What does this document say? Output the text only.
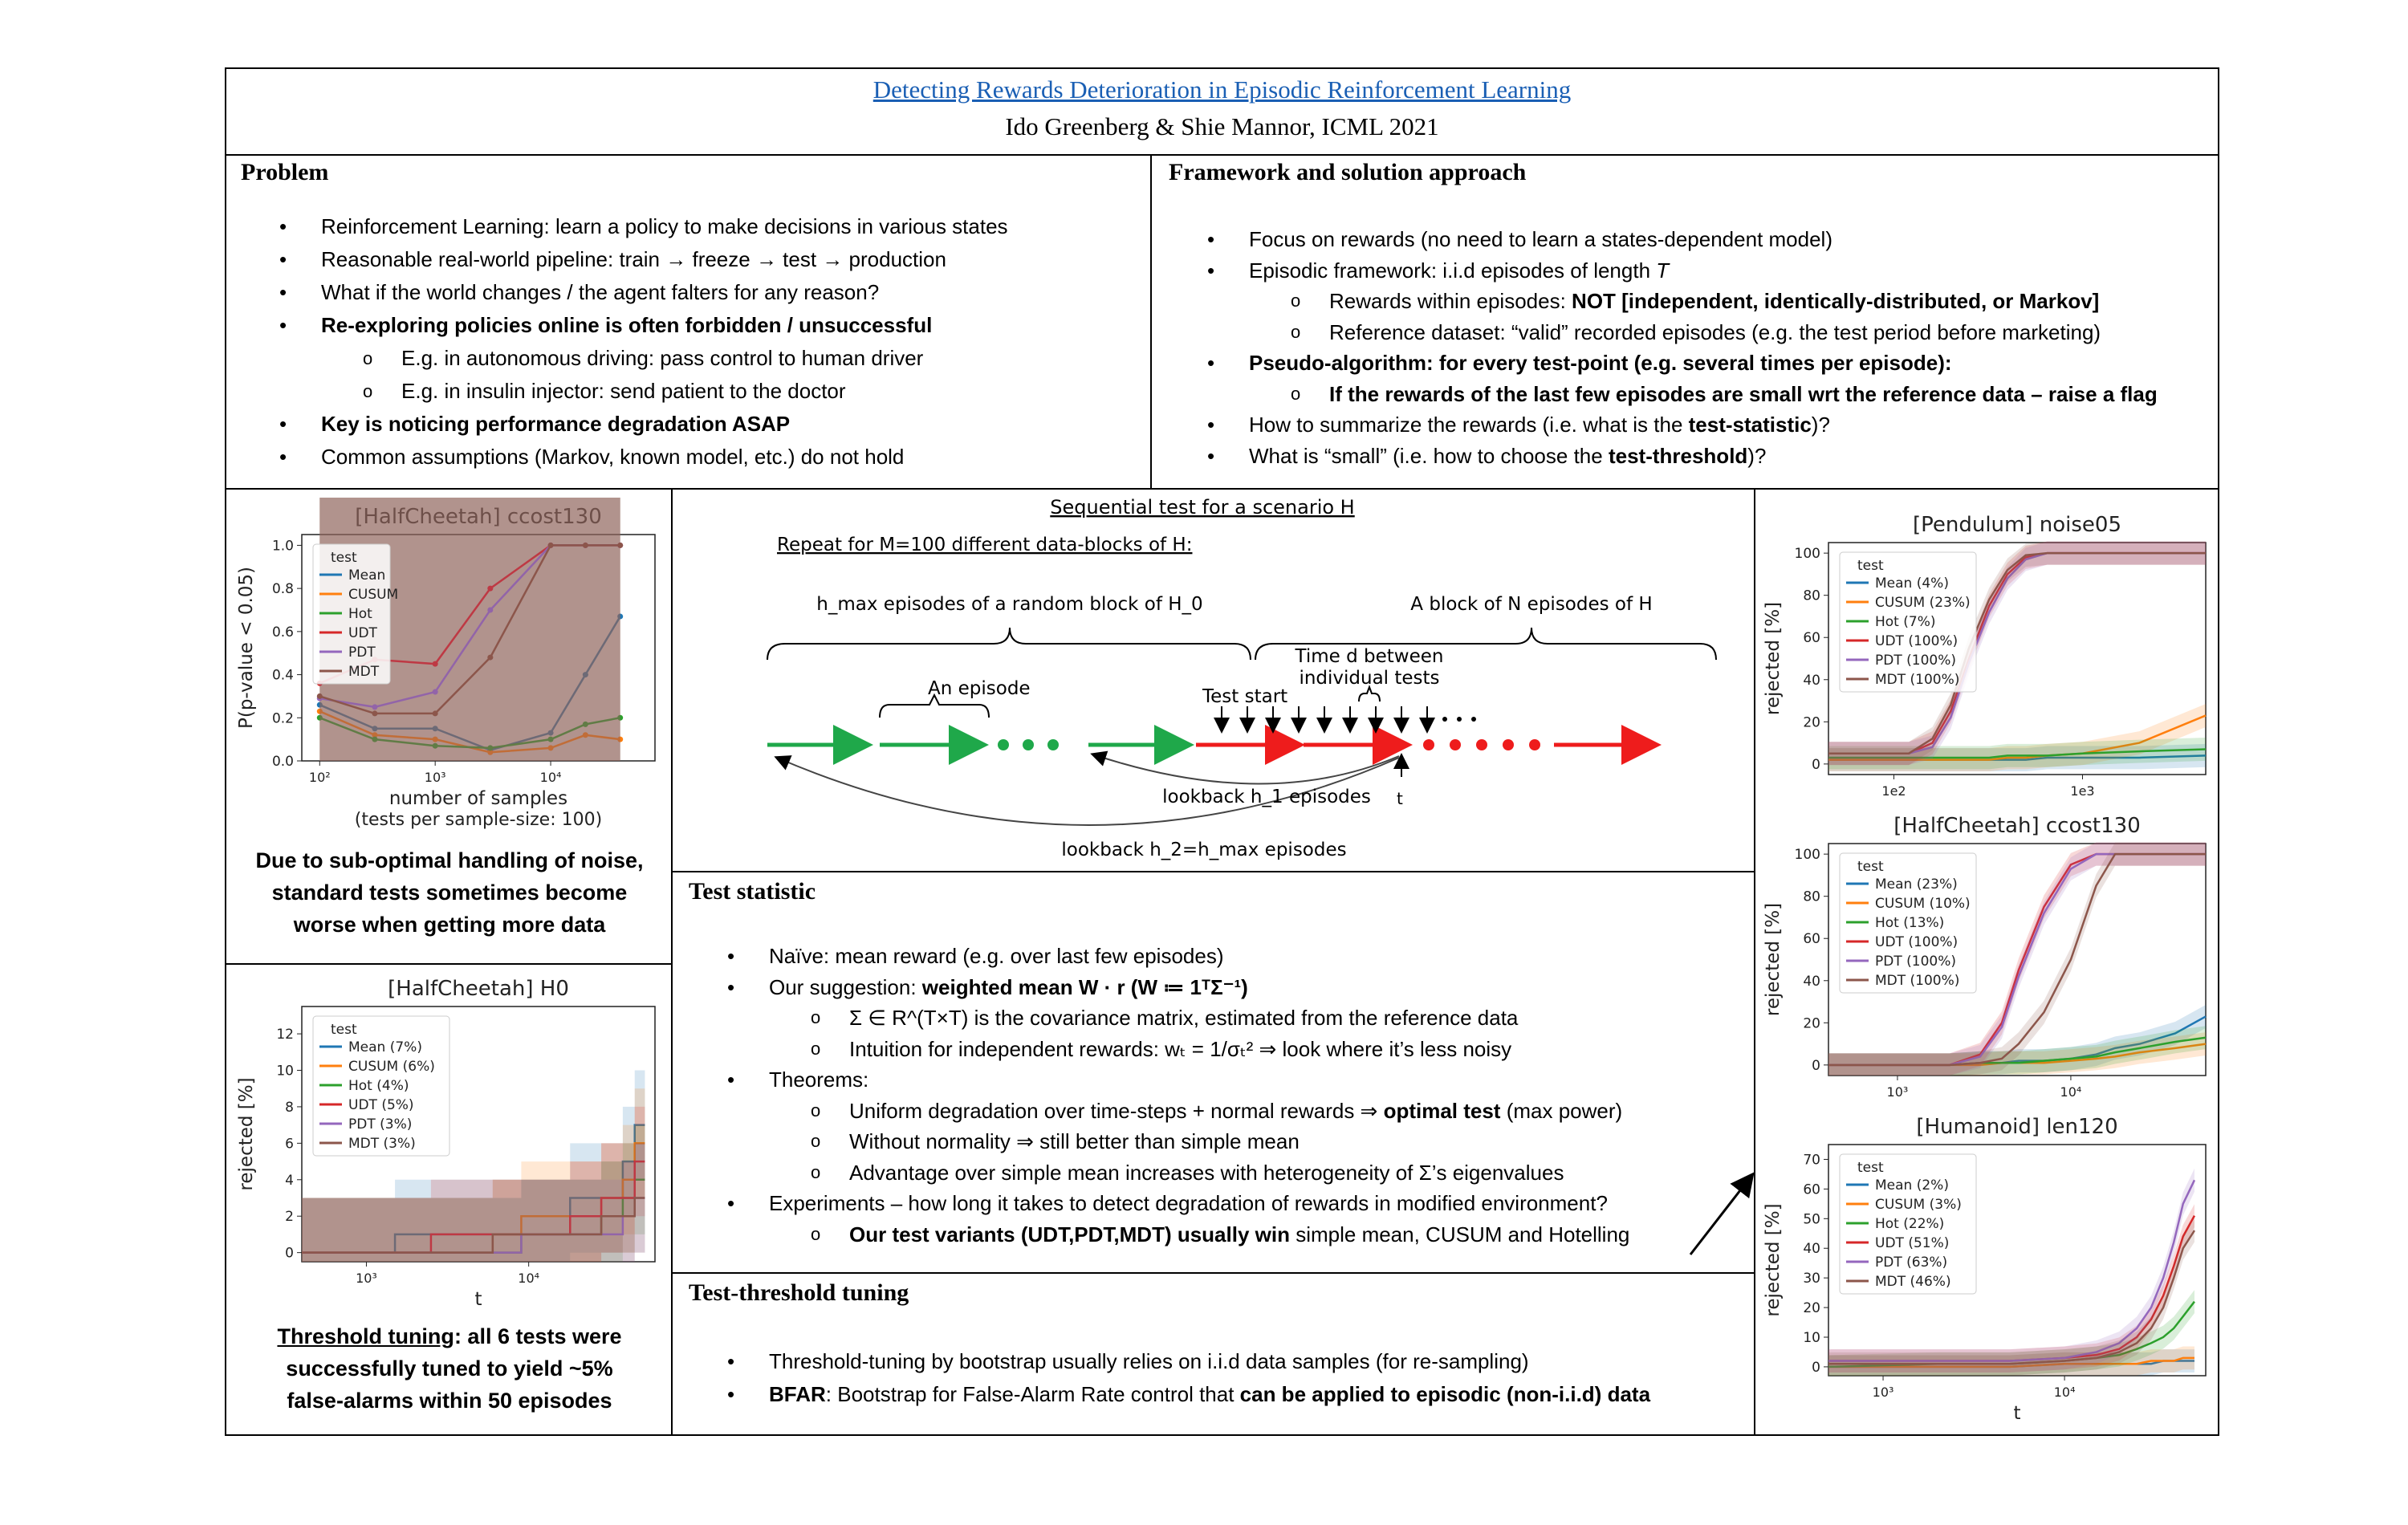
Detecting Rewards Deterioration in Episodic Reinforcement Learning
Ido Greenberg & Shie Mannor, ICML 2021
Problem
• Reinforcement Learning: learn a policy to make decisions in various states
• Reasonable real-world pipeline: train → freeze → test → production
• What if the world changes / the agent falters for any reason?
• Re-exploring policies online is often forbidden / unsuccessful
o E.g. in autonomous driving: pass control to human driver
o E.g. in insulin injector: send patient to the doctor
• Key is noticing performance degradation ASAP
• Common assumptions (Markov, known model, etc.) do not hold
Framework and solution approach
• Focus on rewards (no need to learn a states-dependent model)
• Episodic framework: i.i.d episodes of length T
o Rewards within episodes: NOT [independent, identically-distributed, or Markov]
o Reference dataset: “valid” recorded episodes (e.g. the test period before marketing)
• Pseudo-algorithm: for every test-point (e.g. several times per episode):
o If the rewards of the last few episodes are small wrt the reference data – raise a flag
• How to summarize the rewards (i.e. what is the test-statistic)?
• What is “small” (i.e. how to choose the test-threshold)?
[HalfCheetah] ccost130
0.0
0.2
0.4
0.6
0.8
1.0
10²	10³	10⁴
P(p-value < 0.05)
number of samples
(tests per sample-size: 100)
test
Mean
CUSUM
Hot
UDT
PDT
MDT
Due to sub-optimal handling of noise,
standard tests sometimes become
worse when getting more data
[HalfCheetah] H0
0
2
4
6
8
10
12
10³	10⁴
rejected [%]
t
test
Mean (7%)
CUSUM (6%)
Hot (4%)
UDT (5%)
PDT (3%)
MDT (3%)
Threshold tuning: all 6 tests were
successfully tuned to yield ~5%
false-alarms within 50 episodes
Sequential test for a scenario H
Repeat for M=100 different data-blocks of H:
h_max episodes of a random block of H_0	A block of N episodes of H
Test start
Time d between
individual tests
An episode
t
lookback h_1 episodes
lookback h_2=h_max episodes
Test statistic
• Naïve: mean reward (e.g. over last few episodes)
• Our suggestion: weighted mean W · r (W ≔ 1ᵀΣ⁻¹)
o Σ ∈ R^(T×T) is the covariance matrix, estimated from the reference data
o Intuition for independent rewards: wₜ = 1/σₜ² ⇒ look where it’s less noisy
• Theorems:
o Uniform degradation over time-steps + normal rewards ⇒ optimal test (max power)
o Without normality ⇒ still better than simple mean
o Advantage over simple mean increases with heterogeneity of Σ’s eigenvalues
• Experiments – how long it takes to detect degradation of rewards in modified environment?
o Our test variants (UDT,PDT,MDT) usually win simple mean, CUSUM and Hotelling
Test-threshold tuning
• Threshold-tuning by bootstrap usually relies on i.i.d data samples (for re-sampling)
• BFAR: Bootstrap for False-Alarm Rate control that can be applied to episodic (non-i.i.d) data
[Pendulum] noise05
0
20
40
60
80
100
1e2	1e3
rejected [%]
test
Mean (4%)
CUSUM (23%)
Hot (7%)
UDT (100%)
PDT (100%)
MDT (100%)
[HalfCheetah] ccost130
0
20
40
60
80
100
10³	10⁴
rejected [%]
test
Mean (23%)
CUSUM (10%)
Hot (13%)
UDT (100%)
PDT (100%)
MDT (100%)
[Humanoid] len120
0
10
20
30
40
50
60
70
10³	10⁴
rejected [%]
t
test
Mean (2%)
CUSUM (3%)
Hot (22%)
UDT (51%)
PDT (63%)
MDT (46%)
